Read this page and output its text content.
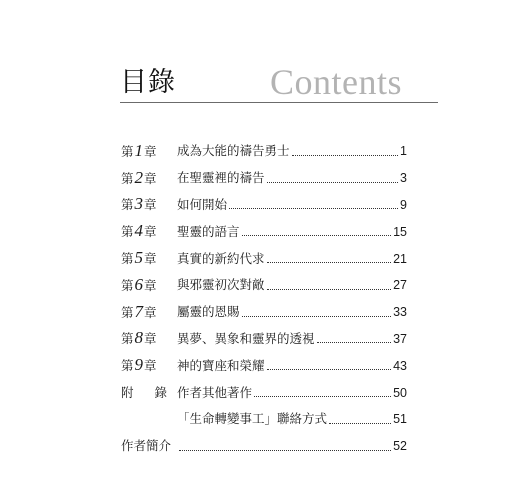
目錄	Contents
第 1 章 成為大能的禱告勇士	1
第 2 章 在聖靈裡的禱告	3
第 3 章 如何開始	9
第 4 章 聖靈的語言	15
第 5 章 真實的新約代求	21
第 6 章 與邪靈初次對敵	27
第 7 章 屬靈的恩賜	33
第 8 章 異夢、異象和靈界的透視	37
第 9 章 神的寶座和榮耀	43
附 錄 作者其他著作	50
「生命轉變事工」聯絡方式	51
作者簡介	52
